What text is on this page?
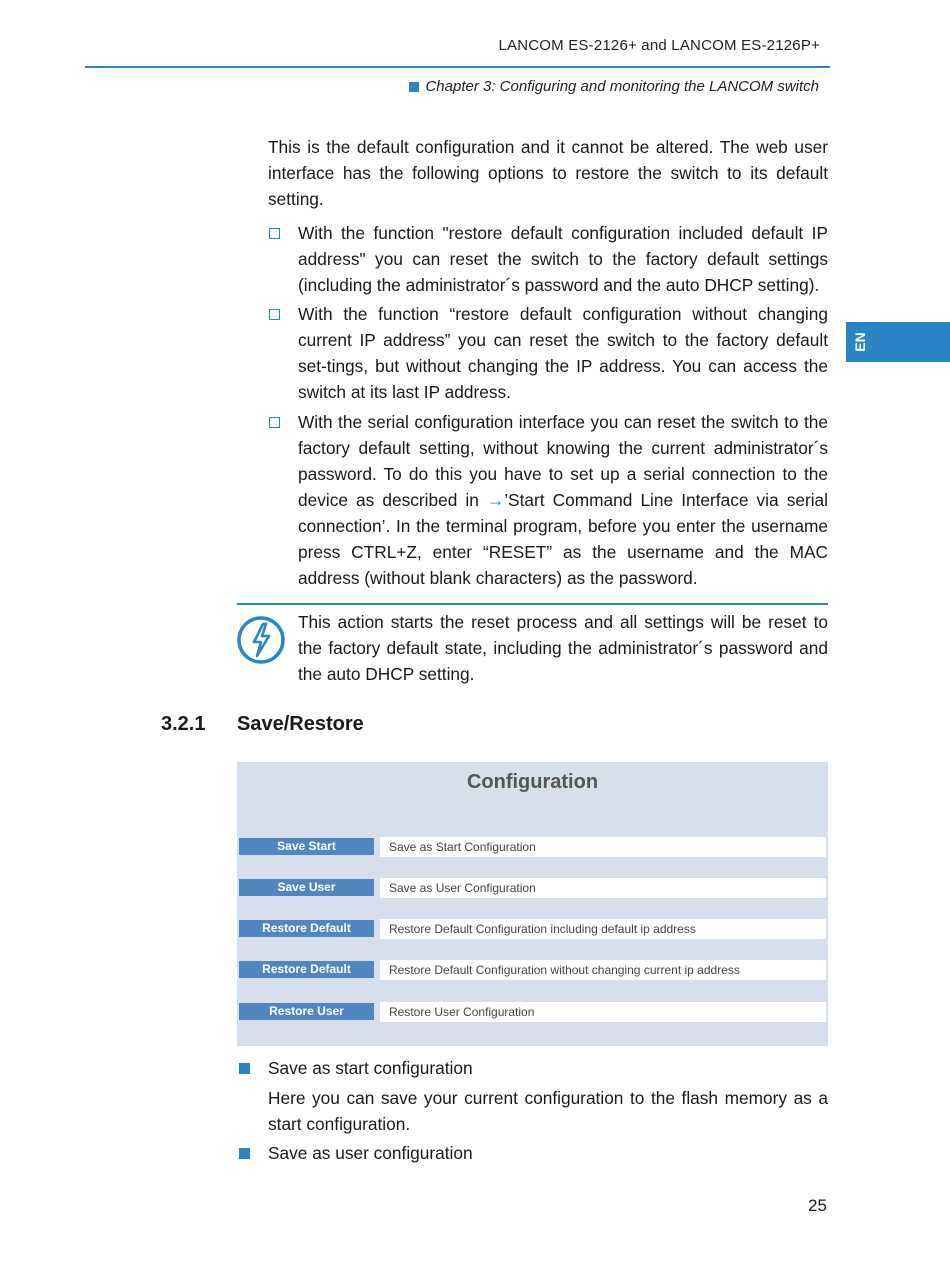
LANCOM ES-2126+ and LANCOM ES-2126P+
Chapter 3: Configuring and monitoring the LANCOM switch
EN
This is the default configuration and it cannot be altered. The web user interface has the following options to restore the switch to its default setting.
With the function "restore default configuration included default IP address" you can reset the switch to the factory default settings (including the administrator´s password and the auto DHCP setting).
With the function “restore default configuration without changing current IP address” you can reset the switch to the factory default set-tings, but without changing the IP address. You can access the switch at its last IP address.
With the serial configuration interface you can reset the switch to the factory default setting, without knowing the current administrator´s password. To do this you have to set up a serial connection to the device as described in →’Start Command Line Interface via serial connection’. In the terminal program, before you enter the username press CTRL+Z, enter “RESET” as the username and the MAC address (without blank characters) as the password.
This action starts the reset process and all settings will be reset to the factory default state, including the administrator´s password and the auto DHCP setting.
3.2.1 Save/Restore
Configuration
Save Start	Save as Start Configuration
Save User	Save as User Configuration
Restore Default	Restore Default Configuration including default ip address
Restore Default	Restore Default Configuration without changing current ip address
Restore User	Restore User Configuration
Save as start configuration
Here you can save your current configuration to the flash memory as a start configuration.
Save as user configuration
25
